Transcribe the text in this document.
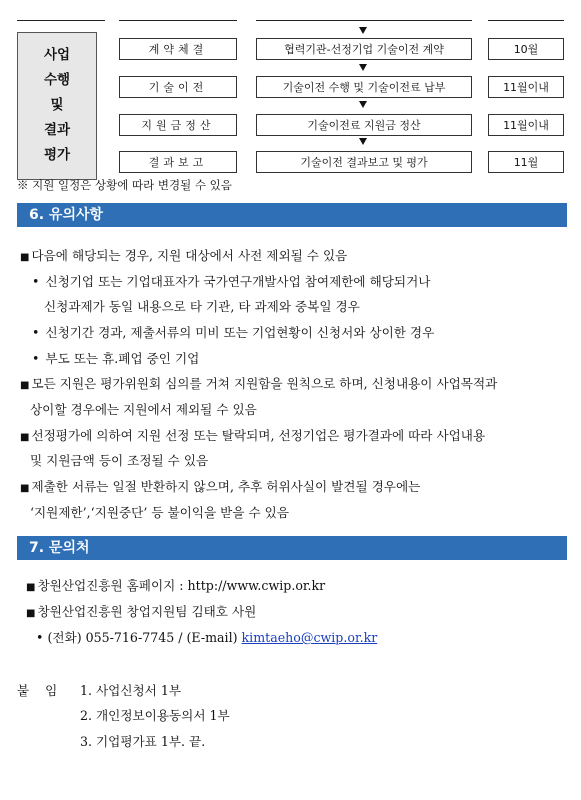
사업
수행
및
결과
평가
계약체결	협력기관-선정기업 기술이전 계약	10월
기술이전	기술이전 수행 및 기술이전료 납부	11월이내
지원금정산	기술이전료 지원금 정산	11월이내
결과보고	기술이전 결과보고 및 평가	11월
※ 지원 일정은 상황에 따라 변경될 수 있음
6. 유의사항
■ 다음에 해당되는 경우, 지원 대상에서 사전 제외될 수 있음
• 신청기업 또는 기업대표자가 국가연구개발사업 참여제한에 해당되거나
신청과제가 동일 내용으로 타 기관, 타 과제와 중복일 경우
• 신청기간 경과, 제출서류의 미비 또는 기업현황이 신청서와 상이한 경우
• 부도 또는 휴.폐업 중인 기업
■ 모든 지원은 평가위원회 심의를 거쳐 지원함을 원칙으로 하며, 신청내용이 사업목적과
상이할 경우에는 지원에서 제외될 수 있음
■ 선정평가에 의하여 지원 선정 또는 탈락되며, 선정기업은 평가결과에 따라 사업내용
및 지원금액 등이 조정될 수 있음
■ 제출한 서류는 일절 반환하지 않으며, 추후 허위사실이 발견될 경우에는
‘지원제한’,‘지원중단’ 등 불이익을 받을 수 있음
7. 문의처
■ 창원산업진흥원 홈페이지 : http://www.cwip.or.kr
■ 창원산업진흥원 창업지원팀 김태호 사원
• (전화) 055-716-7745 / (E-mail) kimtaeho@cwip.or.kr
붙 임 1. 사업신청서 1부
2. 개인정보이용동의서 1부
3. 기업평가표 1부. 끝.
